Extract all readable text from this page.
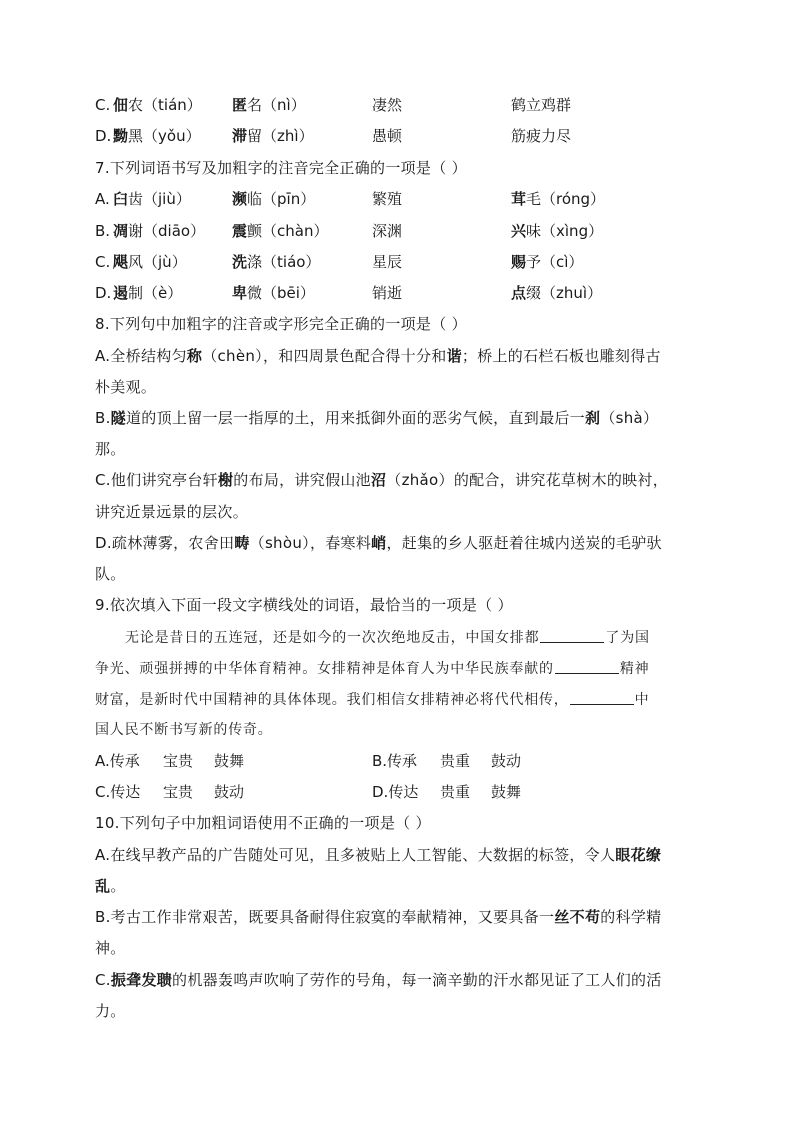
C. 佃农（tián） 匿名（nì）	凄然	鹤立鸡群
D. 黝黑（yǒu） 滞留（zhì）	愚顿	筋疲力尽
7.下列词语书写及加粗字的注音完全正确的一项是（ ）
A. 臼齿（jiù）	濒临（pīn）	繁殖	茸毛（róng）
B. 凋谢（diāo） 震颤（chàn）	深渊	兴味（xìng）
C. 飓风（jù）	洗涤（tiáo）	星辰	赐予（cì）
D. 遏制（è）	卑微（bēi）	销逝	点缀（zhuì）
8.下列句中加粗字的注音或字形完全正确的一项是（ ）
A.全桥结构匀称（chèn），和四周景色配合得十分和谐；桥上的石栏石板也雕刻得古
朴美观。
B.隧道的顶上留一层一指厚的土，用来抵御外面的恶劣气候，直到最后一刹（shà）
那。
C.他们讲究亭台轩榭的布局，讲究假山池沼（zhǎo）的配合，讲究花草树木的映衬，
讲究近景远景的层次。
D.疏林薄雾，农舍田畴（shòu），春寒料峭，赶集的乡人驱赶着往城内送炭的毛驴驮
队。
9.依次填入下面一段文字横线处的词语，最恰当的一项是（ ）
无论是昔日的五连冠，还是如今的一次次绝地反击，中国女排都	了为国
争光、顽强拼搏的中华体育精神。女排精神是体育人为中华民族奉献的	精神
财富，是新时代中国精神的具体体现。我们相信女排精神必将代代相传，	中
国人民不断书写新的传奇。
A.传承 宝贵 鼓舞	B.传承 贵重 鼓动
C.传达 宝贵 鼓动	D.传达 贵重 鼓舞
10.下列句子中加粗词语使用不正确的一项是（ ）
A.在线早教产品的广告随处可见，且多被贴上人工智能、大数据的标签，令人眼花缭
乱。
B.考古工作非常艰苦，既要具备耐得住寂寞的奉献精神，又要具备一丝不苟的科学精
神。
C.振聋发聩的机器轰鸣声吹响了劳作的号角，每一滴辛勤的汗水都见证了工人们的活
力。
